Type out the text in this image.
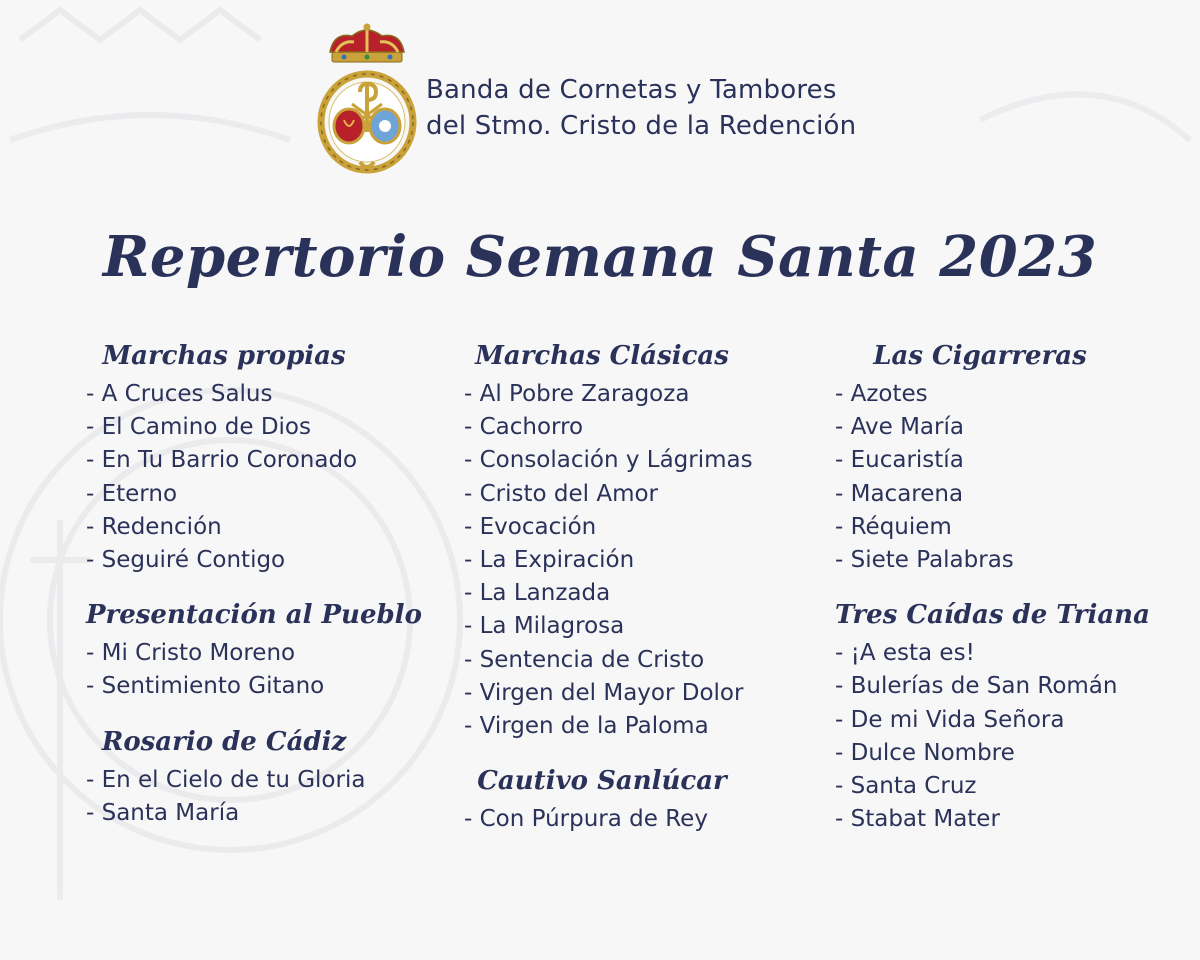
Banda de Cornetas y Tambores
del Stmo. Cristo de la Redención
Repertorio Semana Santa 2023
Marchas propias
- A Cruces Salus
- El Camino de Dios
- En Tu Barrio Coronado
- Eterno
- Redención
- Seguiré Contigo
Presentación al Pueblo
- Mi Cristo Moreno
- Sentimiento Gitano
Rosario de Cádiz
- En el Cielo de tu Gloria
- Santa María
Marchas Clásicas
- Al Pobre Zaragoza
- Cachorro
- Consolación y Lágrimas
- Cristo del Amor
- Evocación
- La Expiración
- La Lanzada
- La Milagrosa
- Sentencia de Cristo
- Virgen del Mayor Dolor
- Virgen de la Paloma
Cautivo Sanlúcar
- Con Púrpura de Rey
Las Cigarreras
- Azotes
- Ave María
- Eucaristía
- Macarena
- Réquiem
- Siete Palabras
Tres Caídas de Triana
- ¡A esta es!
- Bulerías de San Román
- De mi Vida Señora
- Dulce Nombre
- Santa Cruz
- Stabat Mater
